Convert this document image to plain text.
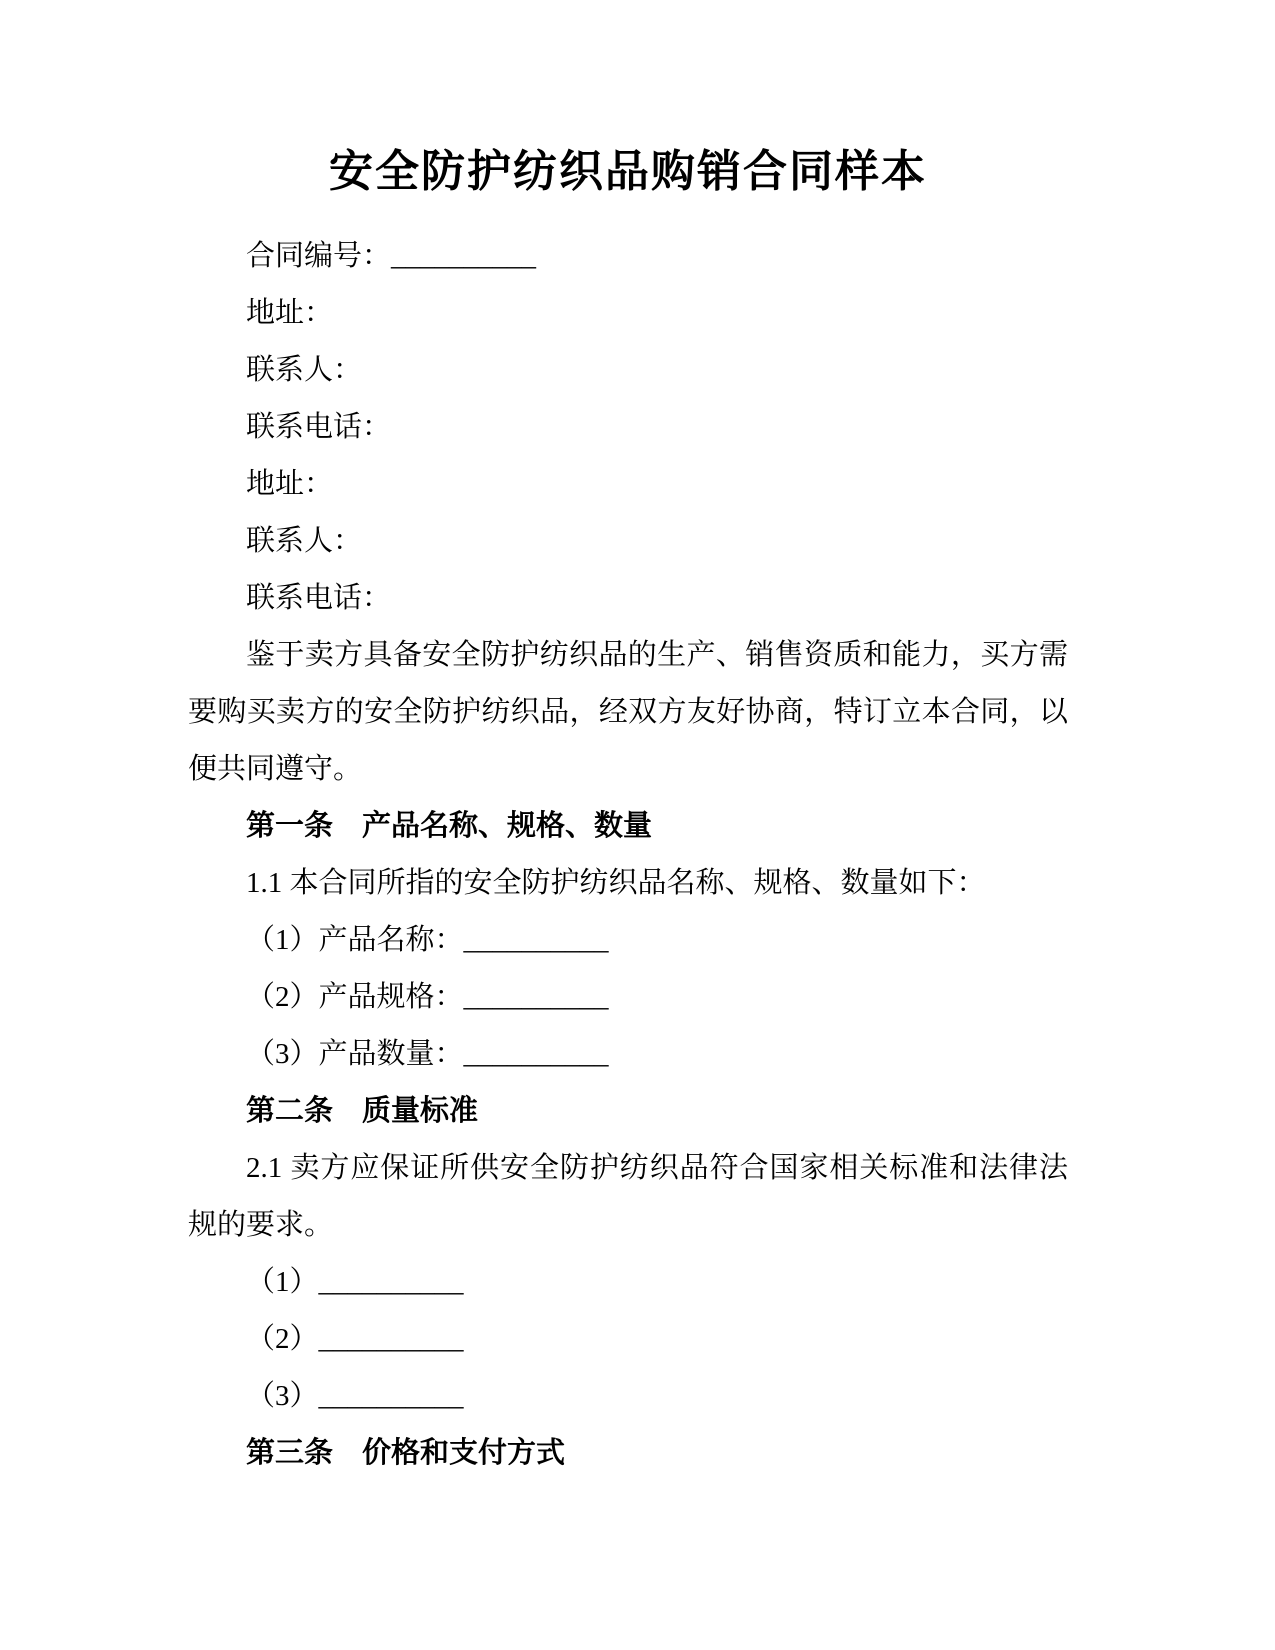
安全防护纺织品购销合同样本
合同编号：__________
地址：
联系人：
联系电话：
地址：
联系人：
联系电话：
鉴于卖方具备安全防护纺织品的生产、销售资质和能力，买方需
要购买卖方的安全防护纺织品，经双方友好协商，特订立本合同，以
便共同遵守。
第一条　产品名称、规格、数量
1.1 本合同所指的安全防护纺织品名称、规格、数量如下：
（1）产品名称：__________
（2）产品规格：__________
（3）产品数量：__________
第二条　质量标准
2.1 卖方应保证所供安全防护纺织品符合国家相关标准和法律法
规的要求。
（1）__________
（2）__________
（3）__________
第三条　价格和支付方式
